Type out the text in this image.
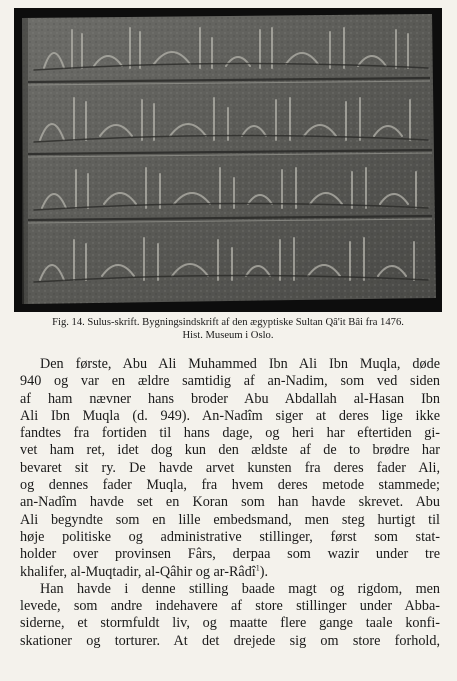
Fig. 14. Sulus-skrift. Bygningsindskrift af den ægyptiske Sultan Qâ'it Bâi fra 1476.
Hist. Museum i Oslo.

Den første, Abu Ali Muhammed Ibn Ali Ibn Muqla, døde
940 og var en ældre samtidig af an-Nadim, som ved siden
af ham nævner hans broder Abu Abdallah al-Hasan Ibn
Ali Ibn Muqla (d. 949). An-Nadîm siger at deres lige ikke
fandtes fra fortiden til hans dage, og heri har eftertiden gi-
vet ham ret, idet dog kun den ældste af de to brødre har
bevaret sit ry. De havde arvet kunsten fra deres fader Ali,
og dennes fader Muqla, fra hvem deres metode stammede;
an-Nadîm havde set en Koran som han havde skrevet. Abu
Ali begyndte som en lille embedsmand, men steg hurtigt til
høje politiske og administrative stillinger, først som stat-
holder over provinsen Fârs, derpaa som wazir under tre
khalifer, al-Muqtadir, al-Qâhir og ar-Râdî$^1$).

Han havde i denne stilling baade magt og rigdom, men
levede, som andre indehavere af store stillinger under Abba-
siderne, et stormfuldt liv, og maatte flere gange taale konfi-
skationer og torturer. At det drejede sig om store forhold,
